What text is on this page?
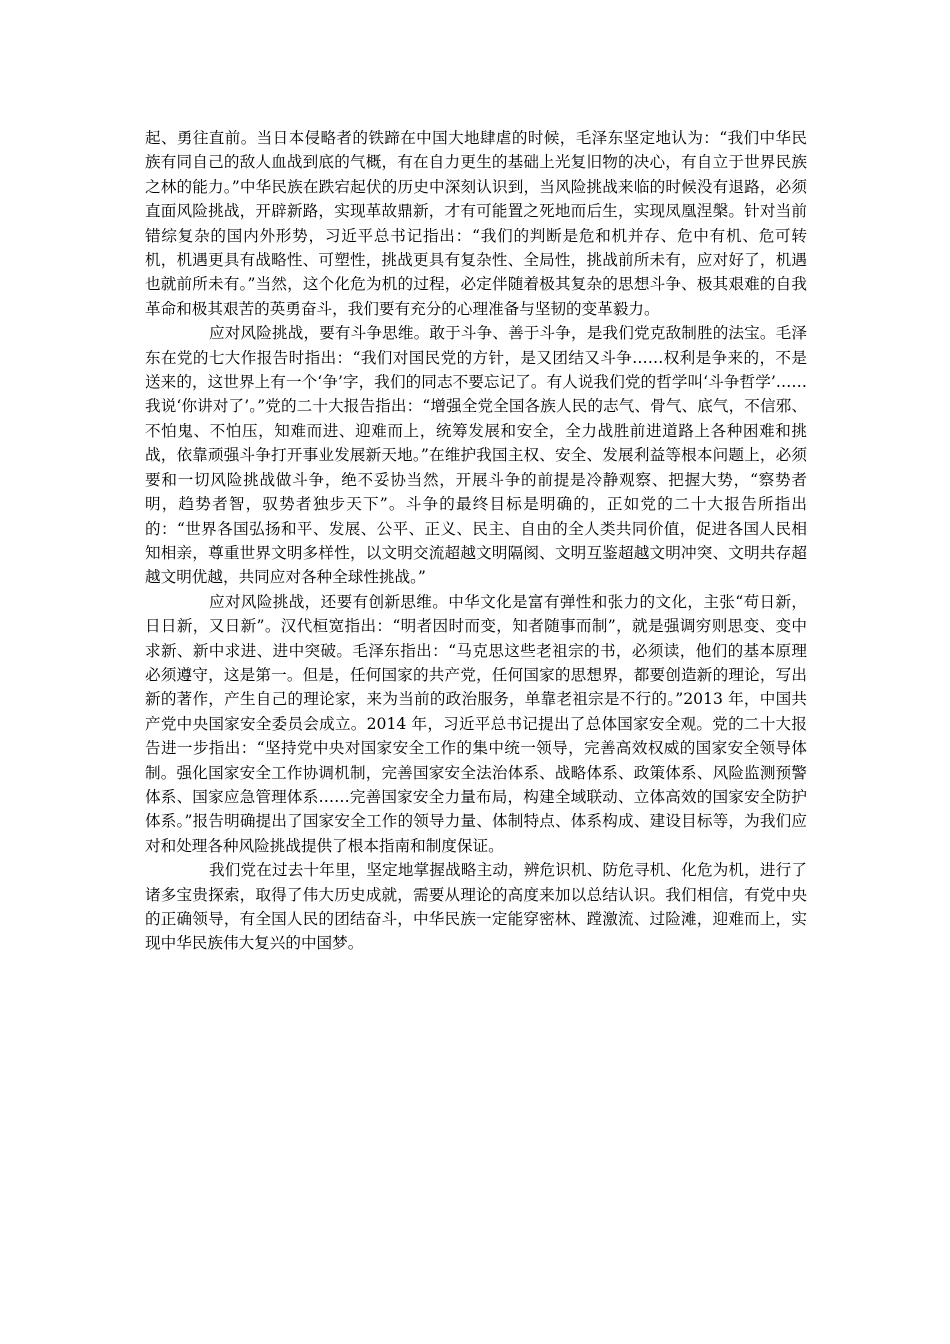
起、勇往直前。当日本侵略者的铁蹄在中国大地肆虐的时候，毛泽东坚定地认为：“我们中华民族有同自己的敌人血战到底的气概，有在自力更生的基础上光复旧物的决心，有自立于世界民族之林的能力。”中华民族在跌宕起伏的历史中深刻认识到，当风险挑战来临的时候没有退路，必须直面风险挑战，开辟新路，实现革故鼎新，才有可能置之死地而后生，实现凤凰涅槃。针对当前错综复杂的国内外形势，习近平总书记指出：“我们的判断是危和机并存、危中有机、危可转机，机遇更具有战略性、可塑性，挑战更具有复杂性、全局性，挑战前所未有，应对好了，机遇也就前所未有。”当然，这个化危为机的过程，必定伴随着极其复杂的思想斗争、极其艰难的自我革命和极其艰苦的英勇奋斗，我们要有充分的心理准备与坚韧的变革毅力。

应对风险挑战，要有斗争思维。敢于斗争、善于斗争，是我们党克敌制胜的法宝。毛泽东在党的七大作报告时指出：“我们对国民党的方针，是又团结又斗争……权利是争来的，不是送来的，这世界上有一个‘争’字，我们的同志不要忘记了。有人说我们党的哲学叫‘斗争哲学’……我说‘你讲对了’。”党的二十大报告指出：“增强全党全国各族人民的志气、骨气、底气，不信邪、不怕鬼、不怕压，知难而进、迎难而上，统筹发展和安全，全力战胜前进道路上各种困难和挑战，依靠顽强斗争打开事业发展新天地。”在维护我国主权、安全、发展利益等根本问题上，必须要和一切风险挑战做斗争，绝不妥协当然，开展斗争的前提是冷静观察、把握大势，“察势者明，趋势者智，驭势者独步天下”。斗争的最终目标是明确的，正如党的二十大报告所指出的：“世界各国弘扬和平、发展、公平、正义、民主、自由的全人类共同价值，促进各国人民相知相亲，尊重世界文明多样性，以文明交流超越文明隔阂、文明互鉴超越文明冲突、文明共存超越文明优越，共同应对各种全球性挑战。”

应对风险挑战，还要有创新思维。中华文化是富有弹性和张力的文化，主张“苟日新，日日新，又日新”。汉代桓宽指出：“明者因时而变，知者随事而制”，就是强调穷则思变、变中求新、新中求进、进中突破。毛泽东指出：“马克思这些老祖宗的书，必须读，他们的基本原理必须遵守，这是第一。但是，任何国家的共产党，任何国家的思想界，都要创造新的理论，写出新的著作，产生自己的理论家，来为当前的政治服务，单靠老祖宗是不行的。”2013 年，中国共产党中央国家安全委员会成立。2014 年，习近平总书记提出了总体国家安全观。党的二十大报告进一步指出：“坚持党中央对国家安全工作的集中统一领导，完善高效权威的国家安全领导体制。强化国家安全工作协调机制，完善国家安全法治体系、战略体系、政策体系、风险监测预警体系、国家应急管理体系……完善国家安全力量布局，构建全域联动、立体高效的国家安全防护体系。”报告明确提出了国家安全工作的领导力量、体制特点、体系构成、建设目标等，为我们应对和处理各种风险挑战提供了根本指南和制度保证。

我们党在过去十年里，坚定地掌握战略主动，辨危识机、防危寻机、化危为机，进行了诸多宝贵探索，取得了伟大历史成就，需要从理论的高度来加以总结认识。我们相信，有党中央的正确领导，有全国人民的团结奋斗，中华民族一定能穿密林、蹚激流、过险滩，迎难而上，实现中华民族伟大复兴的中国梦。
